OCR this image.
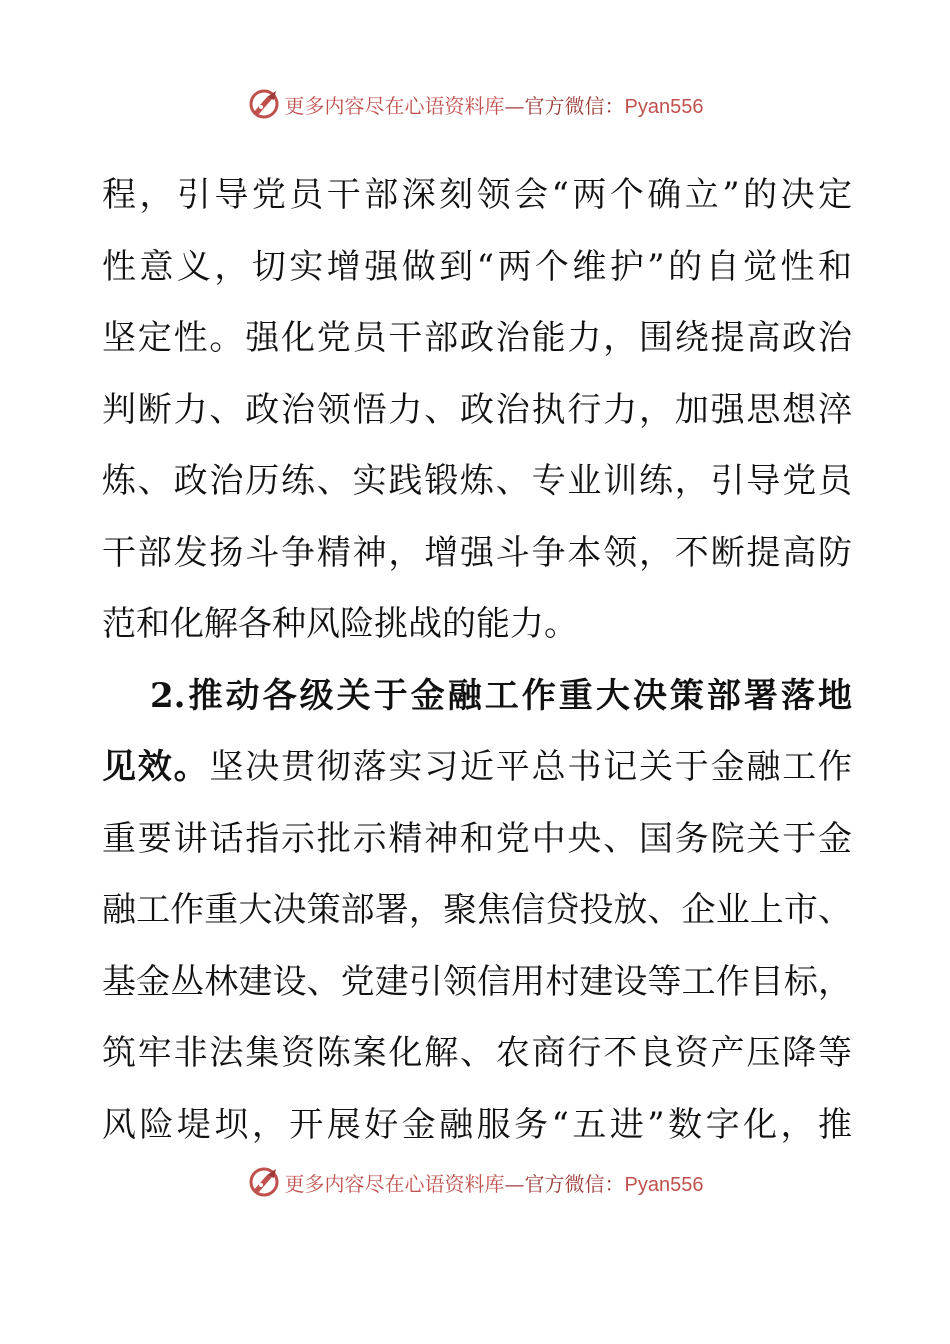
更多内容尽在心语资料库—官方微信：Pyan556
程，引导党员干部深刻领会“两个确立”的决定
性意义，切实增强做到“两个维护”的自觉性和
坚定性。强化党员干部政治能力，围绕提高政治
判断力、政治领悟力、政治执行力，加强思想淬
炼、政治历练、实践锻炼、专业训练，引导党员
干部发扬斗争精神，增强斗争本领，不断提高防
范和化解各种风险挑战的能力。
2.推动各级关于金融工作重大决策部署落地
见效。坚决贯彻落实习近平总书记关于金融工作
重要讲话指示批示精神和党中央、国务院关于金
融工作重大决策部署，聚焦信贷投放、企业上市、
基金丛林建设、党建引领信用村建设等工作目标，
筑牢非法集资陈案化解、农商行不良资产压降等
风险堤坝，开展好金融服务“五进”数字化，推
更多内容尽在心语资料库—官方微信：Pyan556
